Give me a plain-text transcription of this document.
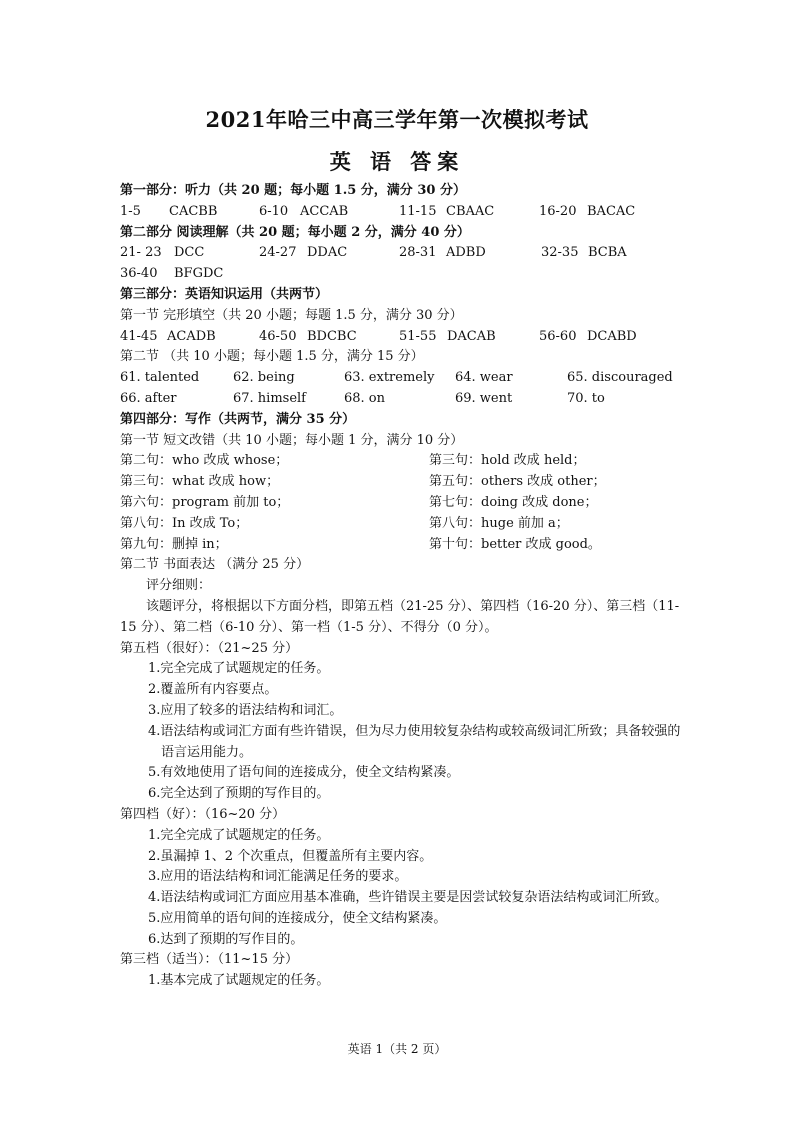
2021年哈三中高三学年第一次模拟考试
英 语 答案
第一部分：听力（共 20 题；每小题 1.5 分，满分 30 分）
1-5 CACBB	6-10 ACCAB	11-15 CBAAC	16-20 BACAC
第二部分 阅读理解（共 20 题；每小题 2 分，满分 40 分）
21- 23 DCC	24-27 DDAC	28-31 ADBD	32-35 BCBA
36-40 BFGDC
第三部分：英语知识运用（共两节）
第一节 完形填空（共 20 小题；每题 1.5 分，满分 30 分）
41-45 ACADB	46-50 BDCBC	51-55 DACAB	56-60 DCABD
第二节 （共 10 小题；每小题 1.5 分，满分 15 分）
61. talented	62. being	63. extremely 64. wear	65. discouraged
66. after	67. himself	68. on	69. went	70. to
第四部分：写作（共两节，满分 35 分）
第一节 短文改错（共 10 小题；每小题 1 分，满分 10 分）
第二句：who 改成 whose；	第三句：hold 改成 held；
第三句：what 改成 how；	第五句：others 改成 other；
第六句：program 前加 to；	第七句：doing 改成 done；
第八句：In 改成 To；	第八句：huge 前加 a；
第九句：删掉 in；	第十句：better 改成 good。
第二节 书面表达 （满分 25 分）
评分细则：
该题评分，将根据以下方面分档，即第五档（21-25 分）、第四档（16-20 分）、第三档（11-15 分）、第二档（6-10 分）、第一档（1-5 分）、不得分（0 分）。
第五档（很好）：（21~25 分）
1.完全完成了试题规定的任务。
2.覆盖所有内容要点。
3.应用了较多的语法结构和词汇。
4.语法结构或词汇方面有些许错误，但为尽力使用较复杂结构或较高级词汇所致；具备较强的语言运用能力。
5.有效地使用了语句间的连接成分，使全文结构紧凑。
6.完全达到了预期的写作目的。
第四档（好）：（16~20 分）
1.完全完成了试题规定的任务。
2.虽漏掉 1、2 个次重点，但覆盖所有主要内容。
3.应用的语法结构和词汇能满足任务的要求。
4.语法结构或词汇方面应用基本准确，些许错误主要是因尝试较复杂语法结构或词汇所致。
5.应用简单的语句间的连接成分，使全文结构紧凑。
6.达到了预期的写作目的。
第三档（适当）：（11~15 分）
1.基本完成了试题规定的任务。
英语 1（共 2 页）
